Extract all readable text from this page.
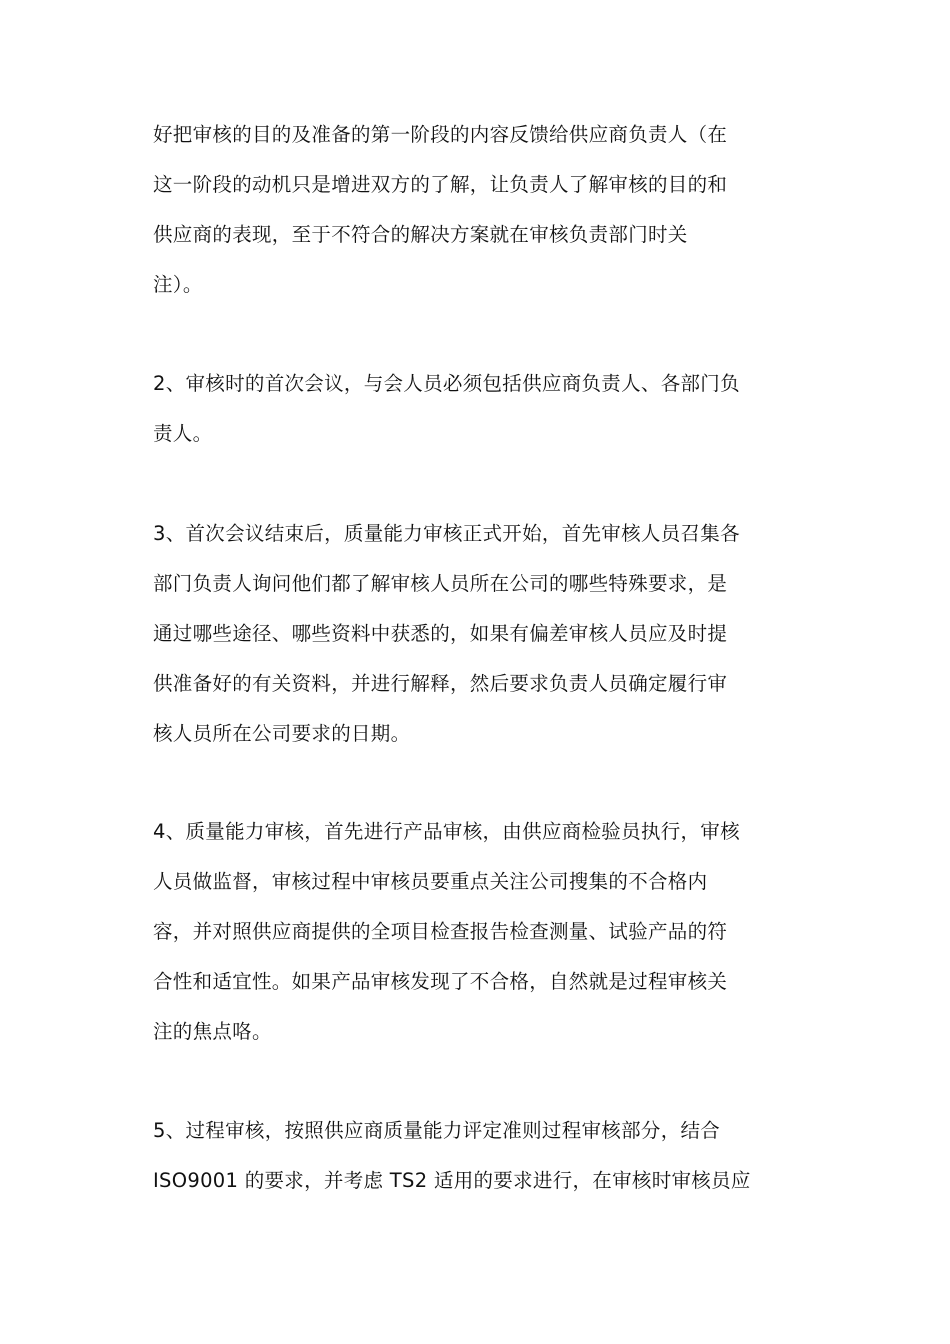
好把审核的目的及准备的第一阶段的内容反馈给供应商负责人（在
这一阶段的动机只是增进双方的了解，让负责人了解审核的目的和
供应商的表现，至于不符合的解决方案就在审核负责部门时关
注）。
2、审核时的首次会议，与会人员必须包括供应商负责人、各部门负
责人。
3、首次会议结束后，质量能力审核正式开始，首先审核人员召集各
部门负责人询问他们都了解审核人员所在公司的哪些特殊要求，是
通过哪些途径、哪些资料中获悉的，如果有偏差审核人员应及时提
供准备好的有关资料，并进行解释，然后要求负责人员确定履行审
核人员所在公司要求的日期。
4、质量能力审核，首先进行产品审核，由供应商检验员执行，审核
人员做监督，审核过程中审核员要重点关注公司搜集的不合格内
容，并对照供应商提供的全项目检查报告检查测量、试验产品的符
合性和适宜性。如果产品审核发现了不合格，自然就是过程审核关
注的焦点咯。
5、过程审核，按照供应商质量能力评定准则过程审核部分，结合
ISO9001 的要求，并考虑 TS2 适用的要求进行，在审核时审核员应
